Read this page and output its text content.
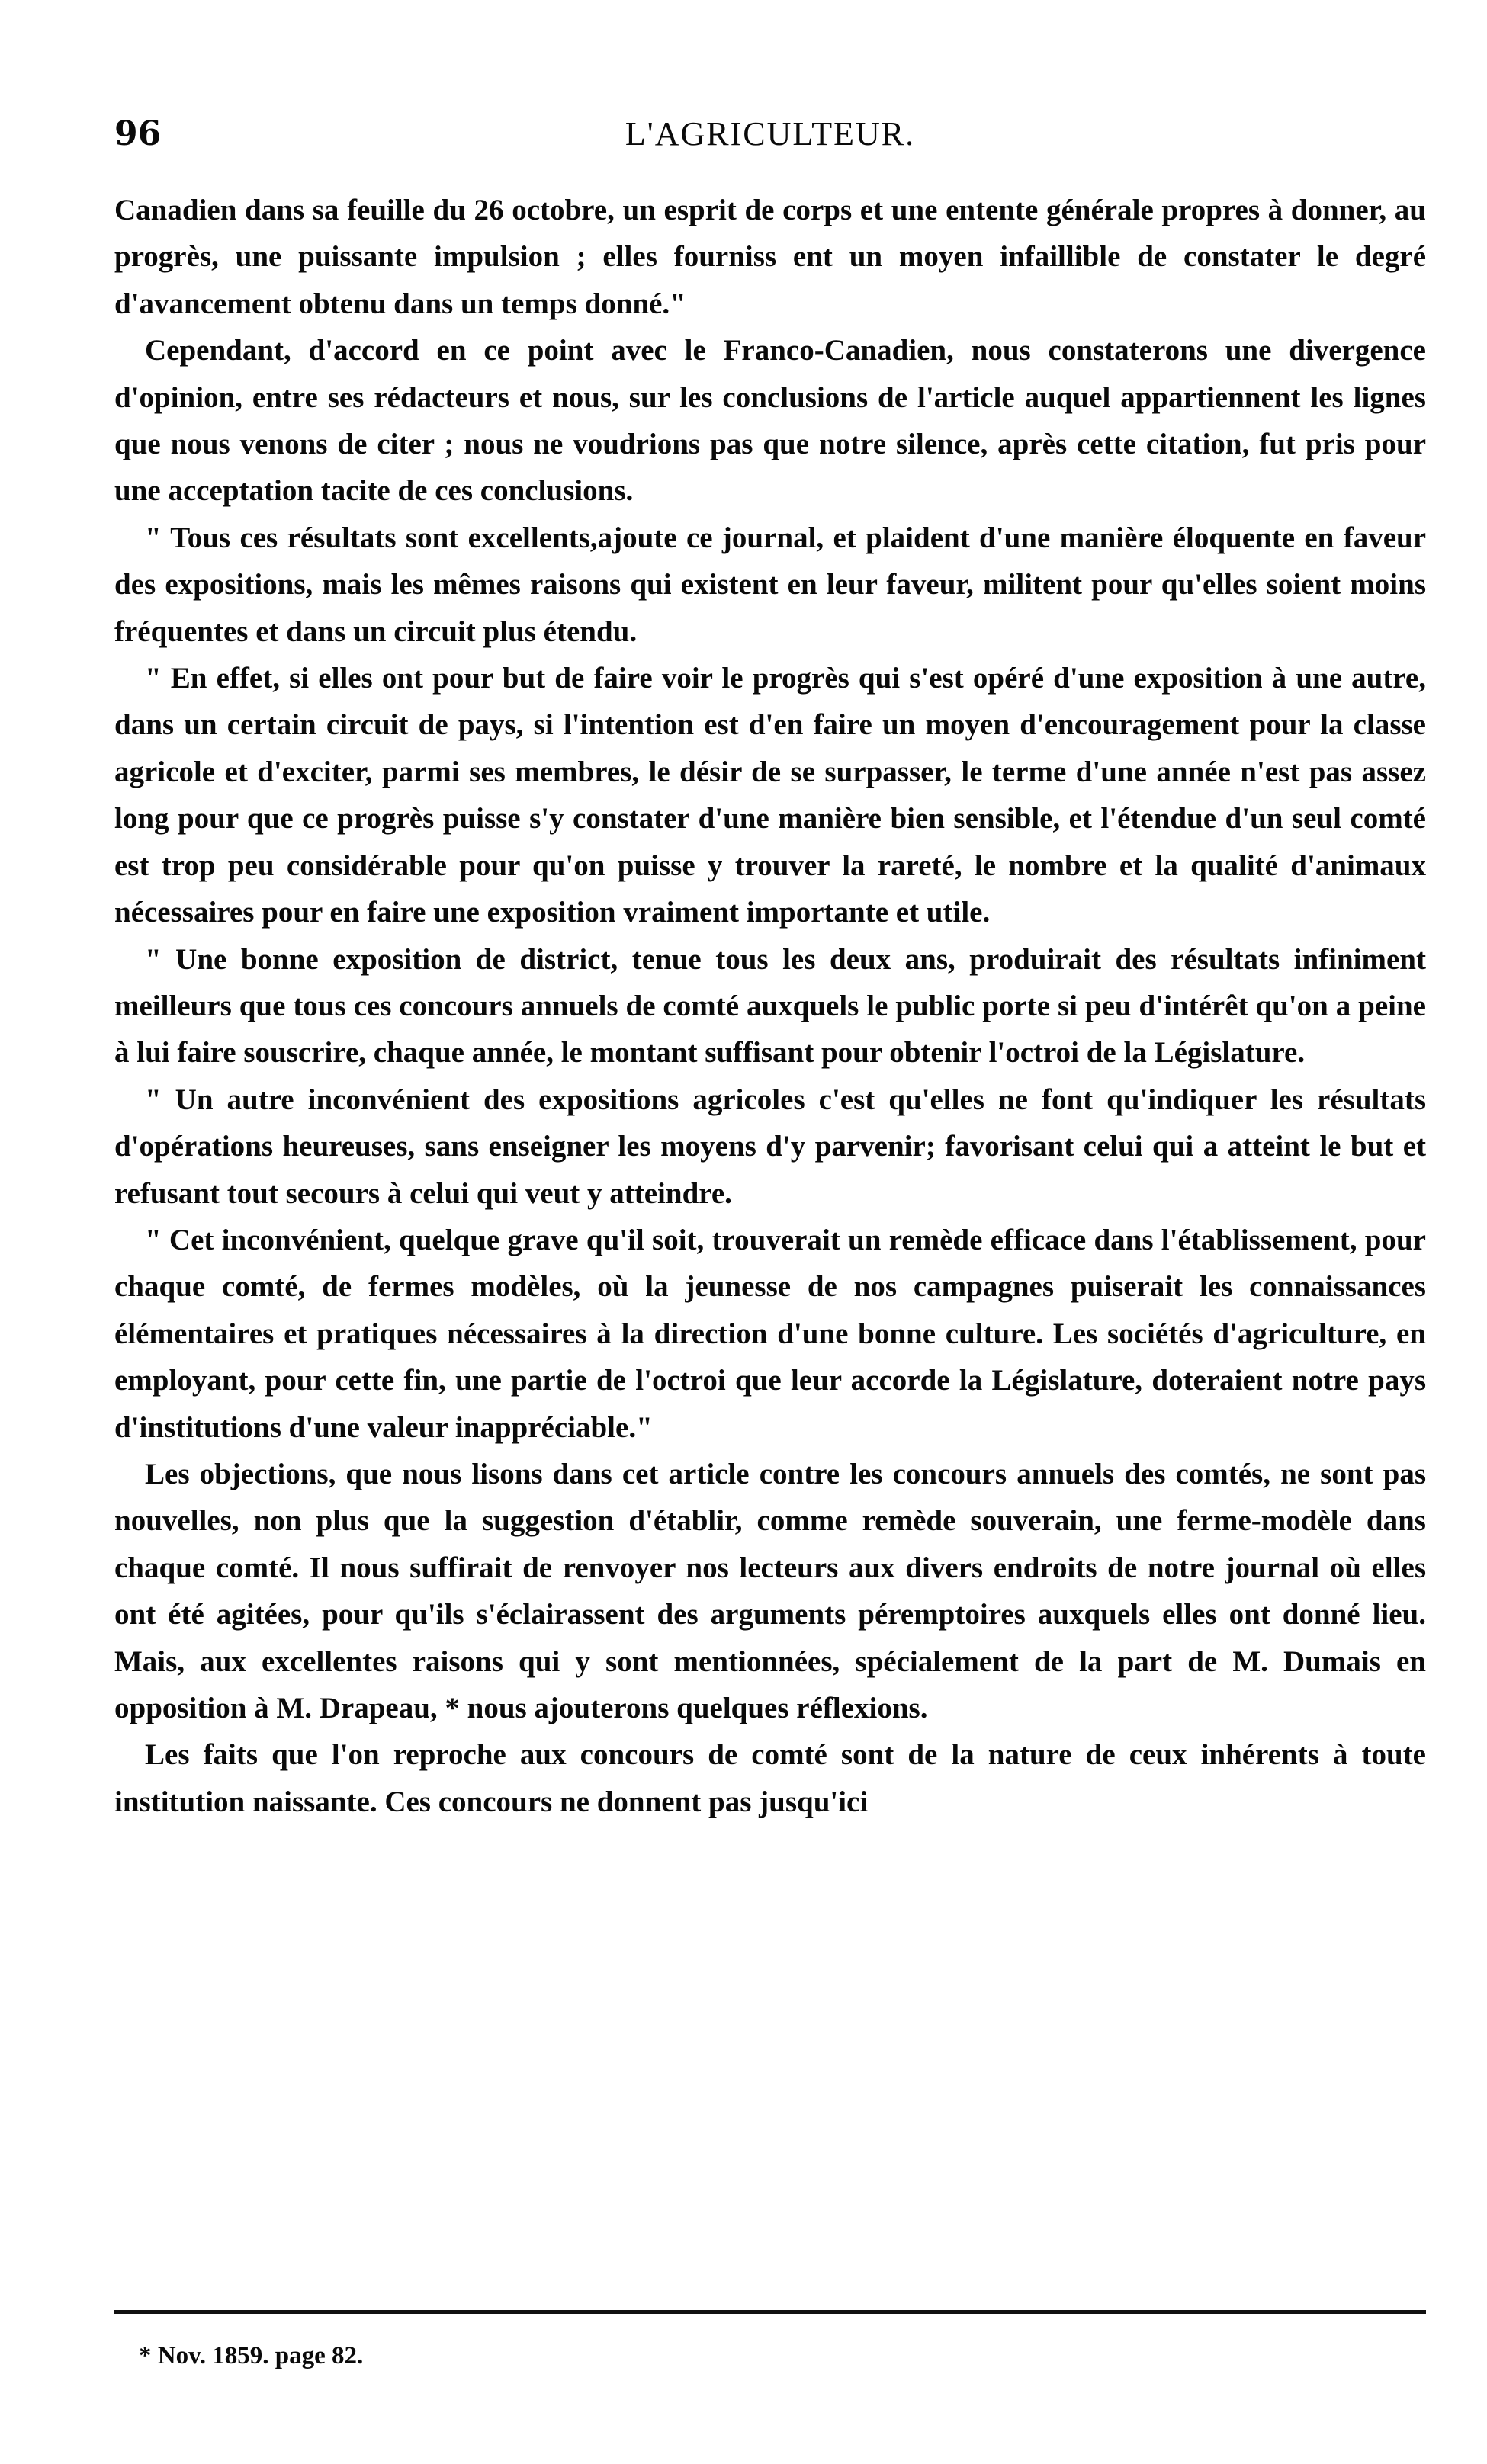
96	L'AGRICULTEUR.

Canadien dans sa feuille du 26 octobre, un esprit de corps et une entente générale propres à donner, au progrès, une puissante impulsion ; elles fourniss ent un moyen infaillible de constater le degré d'avancement obtenu dans un temps donné."

Cependant, d'accord en ce point avec le Franco-Canadien, nous constaterons une divergence d'opinion, entre ses rédacteurs et nous, sur les conclusions de l'article auquel appartiennent les lignes que nous venons de citer ; nous ne voudrions pas que notre silence, après cette citation, fut pris pour une acceptation tacite de ces conclusions.

" Tous ces résultats sont excellents,ajoute ce journal, et plaident d'une manière éloquente en faveur des expositions, mais les mêmes raisons qui existent en leur faveur, militent pour qu'elles soient moins fréquentes et dans un circuit plus étendu.

" En effet, si elles ont pour but de faire voir le progrès qui s'est opéré d'une exposition à une autre, dans un certain circuit de pays, si l'intention est d'en faire un moyen d'encouragement pour la classe agricole et d'exciter, parmi ses membres, le désir de se surpasser, le terme d'une année n'est pas assez long pour que ce progrès puisse s'y constater d'une manière bien sensible, et l'étendue d'un seul comté est trop peu considérable pour qu'on puisse y trouver la rareté, le nombre et la qualité d'animaux nécessaires pour en faire une exposition vraiment importante et utile.

" Une bonne exposition de district, tenue tous les deux ans, produirait des résultats infiniment meilleurs que tous ces concours annuels de comté auxquels le public porte si peu d'intérêt qu'on a peine à lui faire souscrire, chaque année, le montant suffisant pour obtenir l'octroi de la Législature.

" Un autre inconvénient des expositions agricoles c'est qu'elles ne font qu'indiquer les résultats d'opérations heureuses, sans enseigner les moyens d'y parvenir; favorisant celui qui a atteint le but et refusant tout secours à celui qui veut y atteindre.

" Cet inconvénient, quelque grave qu'il soit, trouverait un remède efficace dans l'établissement, pour chaque comté, de fermes modèles, où la jeunesse de nos campagnes puiserait les connaissances élémentaires et pratiques nécessaires à la direction d'une bonne culture. Les sociétés d'agriculture, en employant, pour cette fin, une partie de l'octroi que leur accorde la Législature, doteraient notre pays d'institutions d'une valeur inappréciable."

Les objections, que nous lisons dans cet article contre les concours annuels des comtés, ne sont pas nouvelles, non plus que la suggestion d'établir, comme remède souverain, une ferme-modèle dans chaque comté. Il nous suffirait de renvoyer nos lecteurs aux divers endroits de notre journal où elles ont été agitées, pour qu'ils s'éclairassent des arguments péremptoires auxquels elles ont donné lieu. Mais, aux excellentes raisons qui y sont mentionnées, spécialement de la part de M. Dumais en opposition à M. Drapeau, * nous ajouterons quelques réflexions.

Les faits que l'on reproche aux concours de comté sont de la nature de ceux inhérents à toute institution naissante. Ces concours ne donnent pas jusqu'ici

* Nov. 1859. page 82.
